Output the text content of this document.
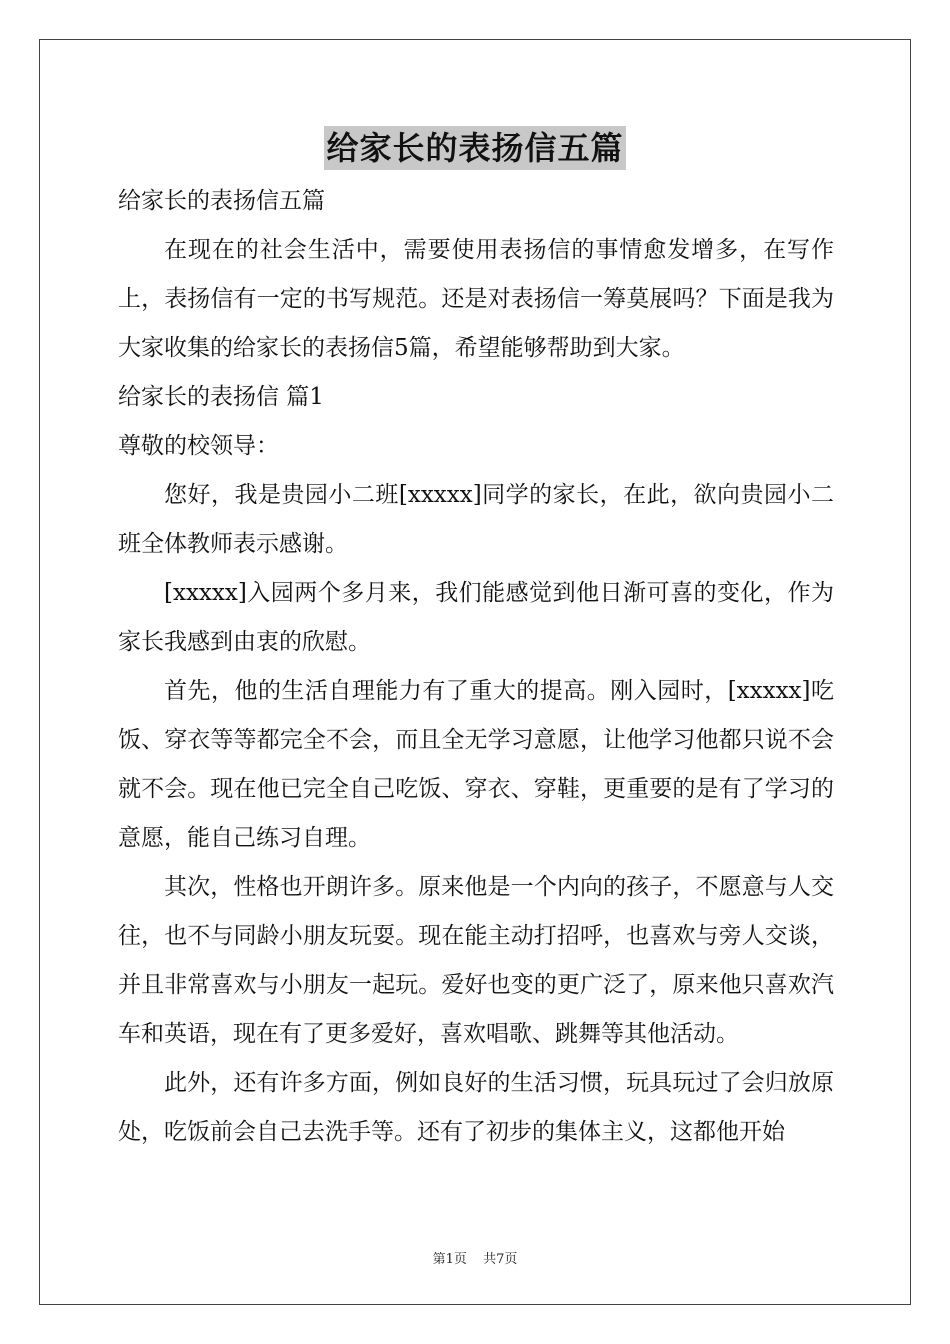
给家长的表扬信五篇

给家长的表扬信五篇

在现在的社会生活中，需要使用表扬信的事情愈发增多，在写作上，表扬信有一定的书写规范。还是对表扬信一筹莫展吗？下面是我为大家收集的给家长的表扬信5篇，希望能够帮助到大家。

给家长的表扬信 篇1

尊敬的校领导：

您好，我是贵园小二班[xxxxx]同学的家长，在此，欲向贵园小二班全体教师表示感谢。

[xxxxx]入园两个多月来，我们能感觉到他日渐可喜的变化，作为家长我感到由衷的欣慰。

首先，他的生活自理能力有了重大的提高。刚入园时，[xxxxx]吃饭、穿衣等等都完全不会，而且全无学习意愿，让他学习他都只说不会就不会。现在他已完全自己吃饭、穿衣、穿鞋，更重要的是有了学习的意愿，能自己练习自理。

其次，性格也开朗许多。原来他是一个内向的孩子，不愿意与人交往，也不与同龄小朋友玩耍。现在能主动打招呼，也喜欢与旁人交谈，并且非常喜欢与小朋友一起玩。爱好也变的更广泛了，原来他只喜欢汽车和英语，现在有了更多爱好，喜欢唱歌、跳舞等其他活动。

此外，还有许多方面，例如良好的生活习惯，玩具玩过了会归放原处，吃饭前会自己去洗手等。还有了初步的集体主义，这都他开始

第1页 共7页
